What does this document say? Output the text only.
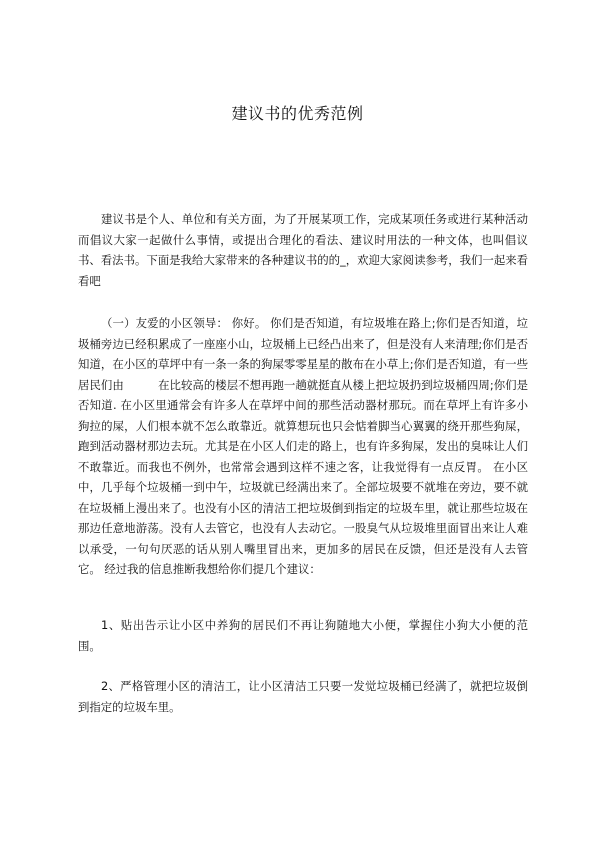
建议书的优秀范例

建议书是个人、单位和有关方面，为了开展某项工作，完成某项任务或进行某种活动而倡议大家一起做什么事情，或提出合理化的看法、建议时用法的一种文体，也叫倡议书、看法书。下面是我给大家带来的各种建议书的的_，欢迎大家阅读参考，我们一起来看看吧

（一）友爱的小区领导： 你好。 你们是否知道，有垃圾堆在路上;你们是否知道，垃圾桶旁边已经积累成了一座座小山，垃圾桶上已经凸出来了，但是没有人来清理;你们是否知道，在小区的草坪中有一条一条的狗屎零零星星的散布在小草上;你们是否知道，有一些居民们由　　　在比较高的楼层不想再跑一趟就挺直从楼上把垃圾扔到垃圾桶四周;你们是否知道. 在小区里通常会有许多人在草坪中间的那些活动器材那玩。而在草坪上有许多小狗拉的屎，人们根本就不怎么敢靠近。就算想玩也只会惦着脚当心翼翼的绕开那些狗屎，跑到活动器材那边去玩。尤其是在小区人们走的路上，也有许多狗屎，发出的臭味让人们不敢靠近。而我也不例外，也常常会遇到这样不速之客，让我觉得有一点反胃。 在小区中，几乎每个垃圾桶一到中午，垃圾就已经满出来了。全部垃圾要不就堆在旁边，要不就在垃圾桶上漫出来了。也没有小区的清洁工把垃圾倒到指定的垃圾车里，就让那些垃圾在那边任意地游荡。没有人去管它，也没有人去动它。一股臭气从垃圾堆里面冒出来让人难以承受，一句句厌恶的话从别人嘴里冒出来，更加多的居民在反馈，但还是没有人去管它。 经过我的信息推断我想给你们提几个建议：

1、贴出告示让小区中养狗的居民们不再让狗随地大小便，掌握住小狗大小便的范围。

2、严格管理小区的清洁工，让小区清洁工只要一发觉垃圾桶已经满了，就把垃圾倒到指定的垃圾车里。
